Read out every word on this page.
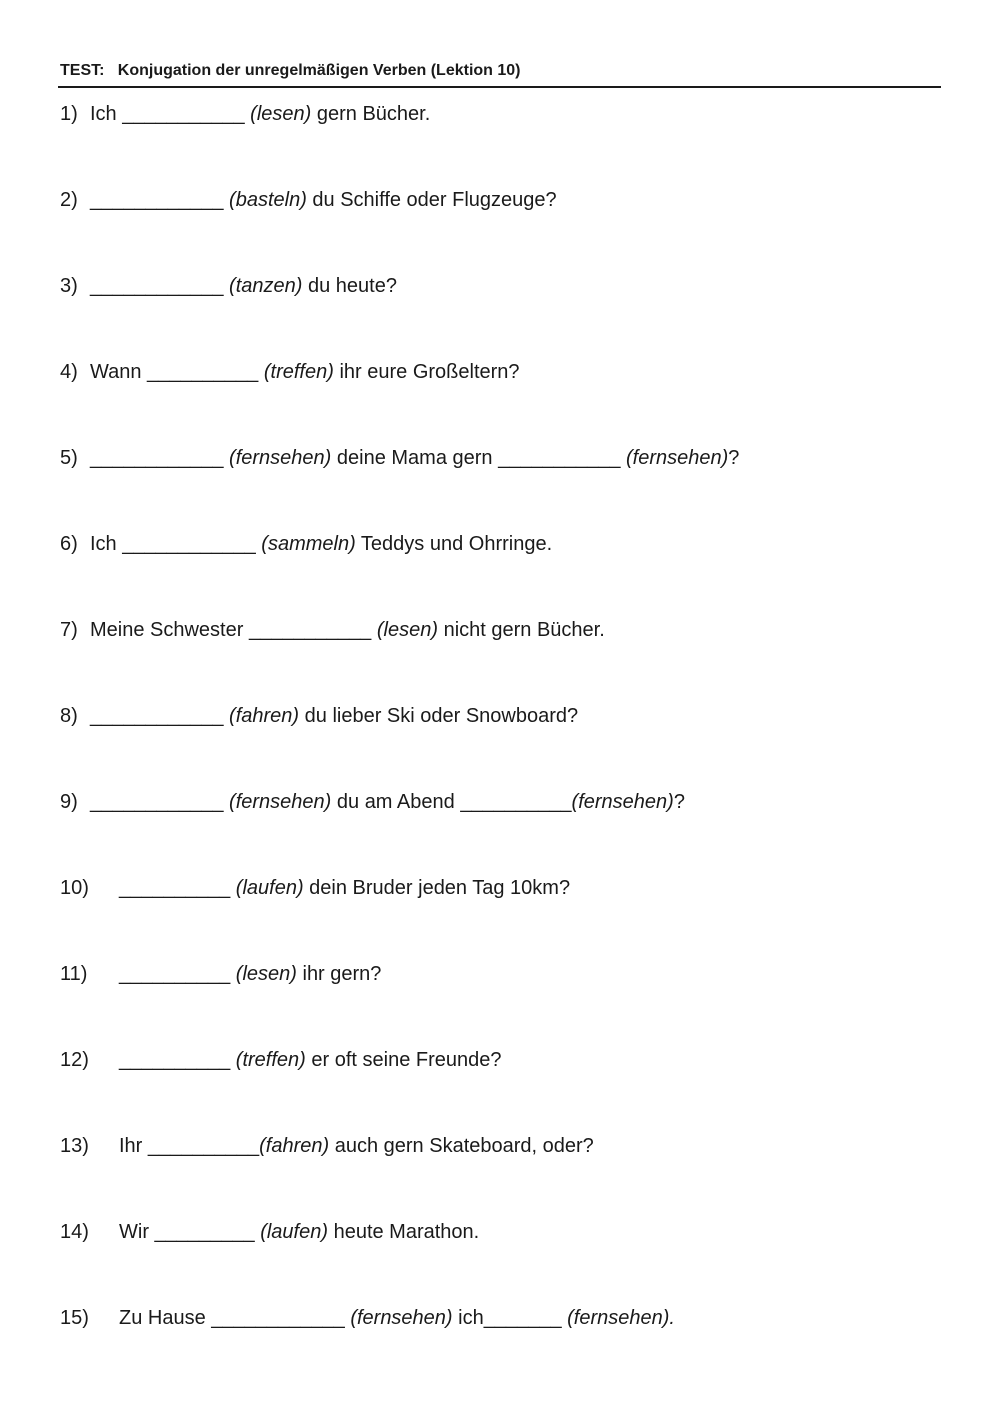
TEST:   Konjugation der unregelmäßigen Verben (Lektion 10)
1) Ich ___________ (lesen) gern Bücher.
2) ____________ (basteln) du Schiffe oder Flugzeuge?
3) ____________ (tanzen) du heute?
4) Wann __________ (treffen) ihr eure Großeltern?
5) ____________ (fernsehen) deine Mama gern ___________ (fernsehen)?
6) Ich ____________ (sammeln) Teddys und Ohrringe.
7) Meine Schwester ___________ (lesen) nicht gern Bücher.
8) ____________ (fahren) du lieber Ski oder Snowboard?
9) ____________ (fernsehen) du am Abend __________(fernsehen)?
10) __________ (laufen) dein Bruder jeden Tag 10km?
11) __________ (lesen) ihr gern?
12) __________ (treffen) er oft seine Freunde?
13) Ihr __________(fahren) auch gern Skateboard, oder?
14) Wir _________ (laufen) heute Marathon.
15) Zu Hause ____________ (fernsehen) ich_______ (fernsehen).
